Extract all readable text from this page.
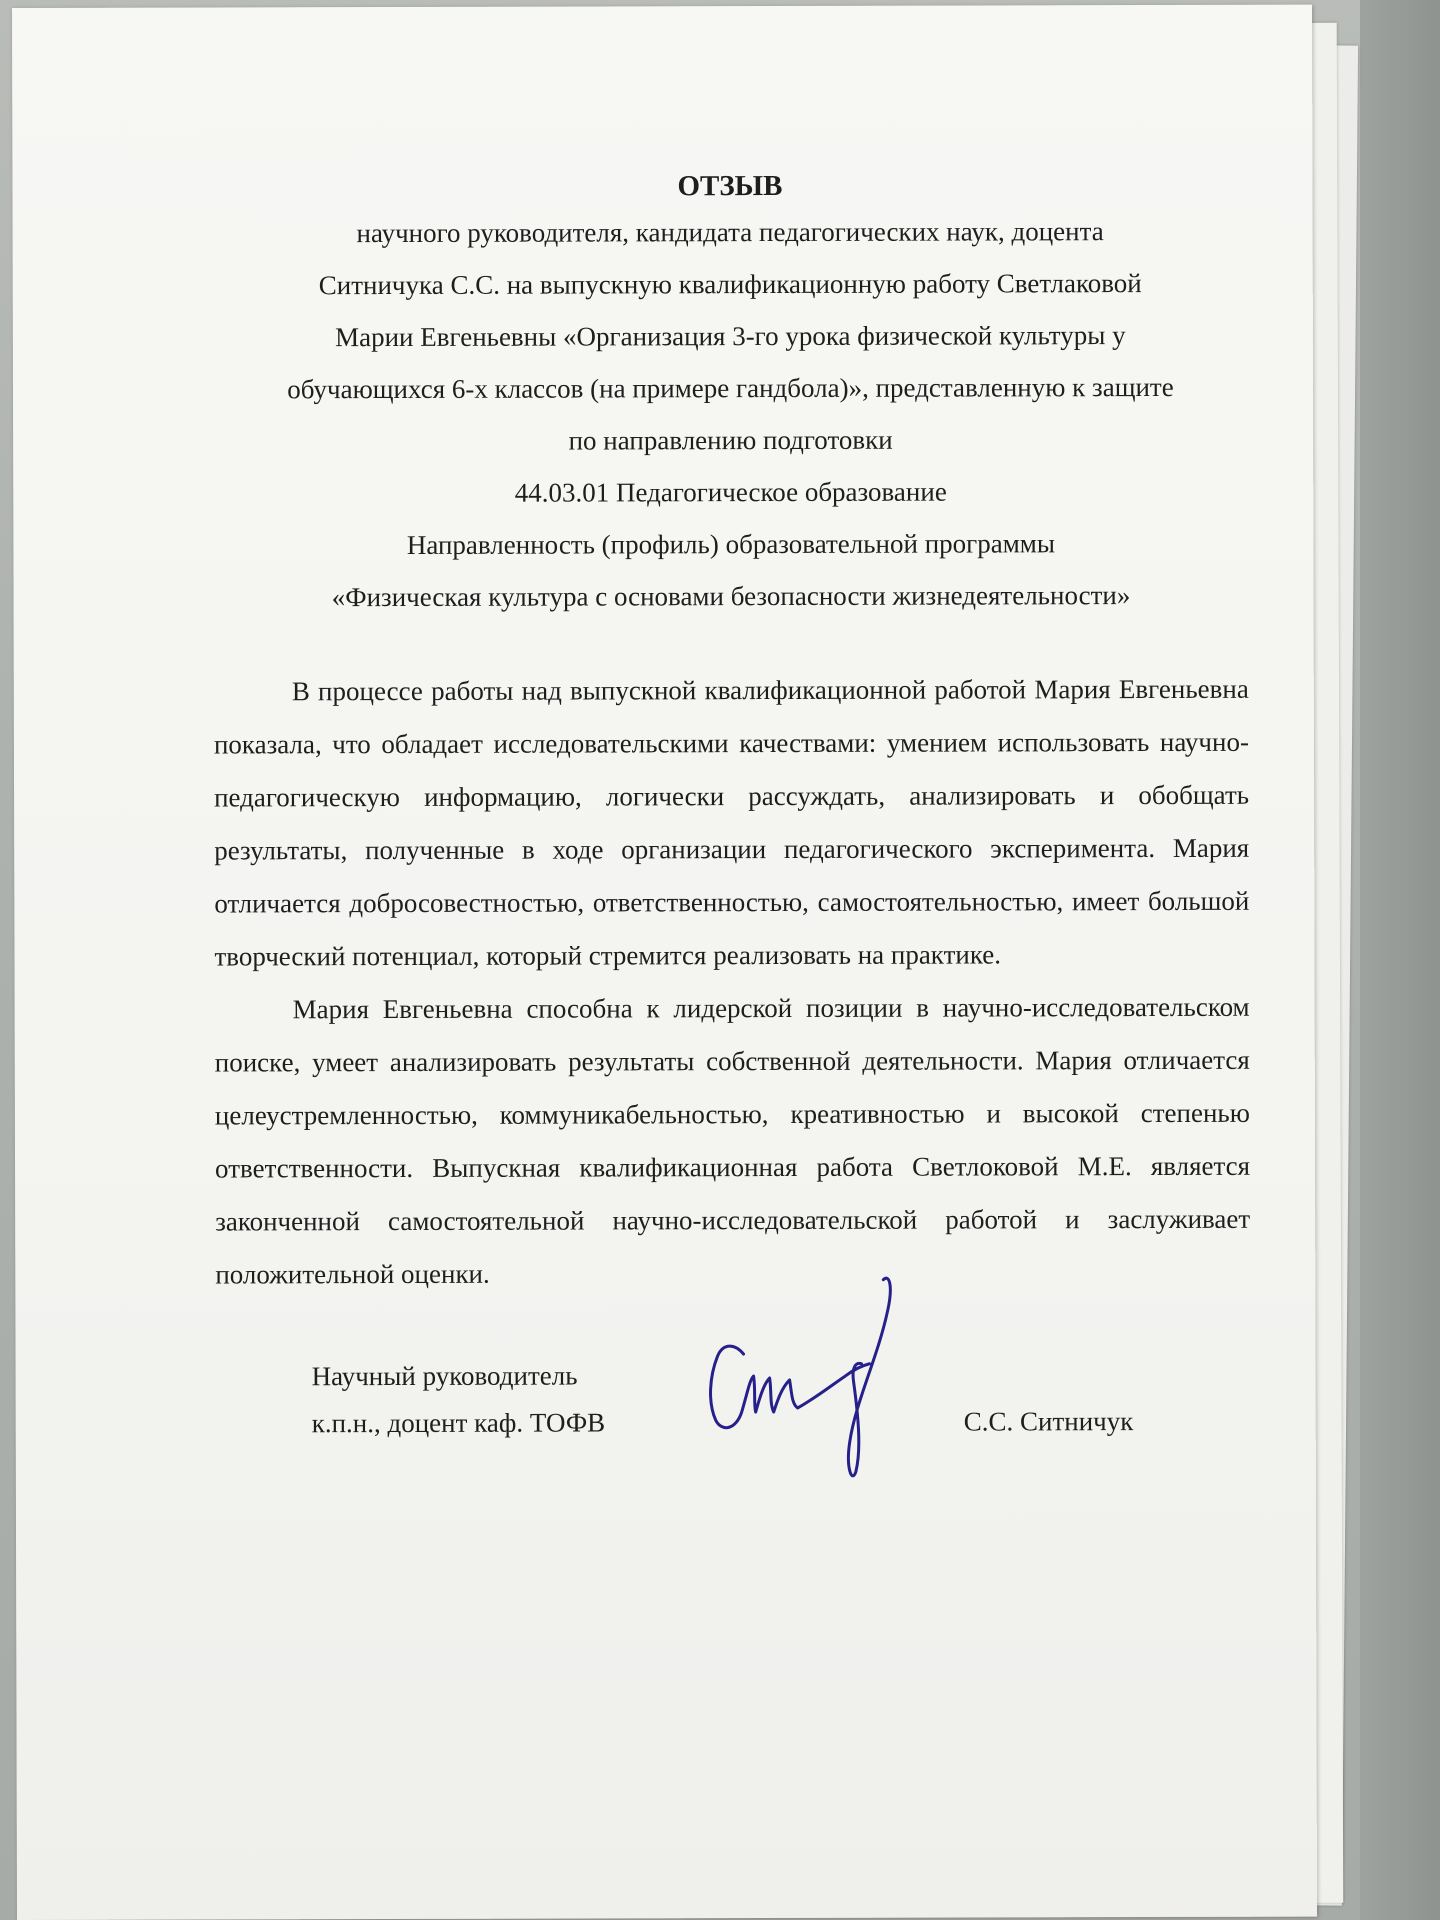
ОТЗЫВ
научного руководителя, кандидата педагогических наук, доцента
Ситничука С.С. на выпускную квалификационную работу Светлаковой
Марии Евгеньевны «Организация 3-го урока физической культуры у
обучающихся 6-х классов (на примере гандбола)», представленную к защите
по направлению подготовки
44.03.01 Педагогическое образование
Направленность (профиль) образовательной программы
«Физическая культура с основами безопасности жизнедеятельности»

В процессе работы над выпускной квалификационной работой Мария Евгеньевна показала, что обладает исследовательскими качествами: умением использовать научно-педагогическую информацию, логически рассуждать, анализировать и обобщать результаты, полученные в ходе организации педагогического эксперимента. Мария отличается добросовестностью, ответственностью, самостоятельностью, имеет большой творческий потенциал, который стремится реализовать на практике.

Мария Евгеньевна способна к лидерской позиции в научно-исследовательском поиске, умеет анализировать результаты собственной деятельности. Мария отличается целеустремленностью, коммуникабельностью, креативностью и высокой степенью ответственности. Выпускная квалификационная работа Светлоковой М.Е. является законченной самостоятельной научно-исследовательской работой и заслуживает положительной оценки.

Научный руководитель
к.п.н., доцент каф. ТОФВ	С.С. Ситничук
